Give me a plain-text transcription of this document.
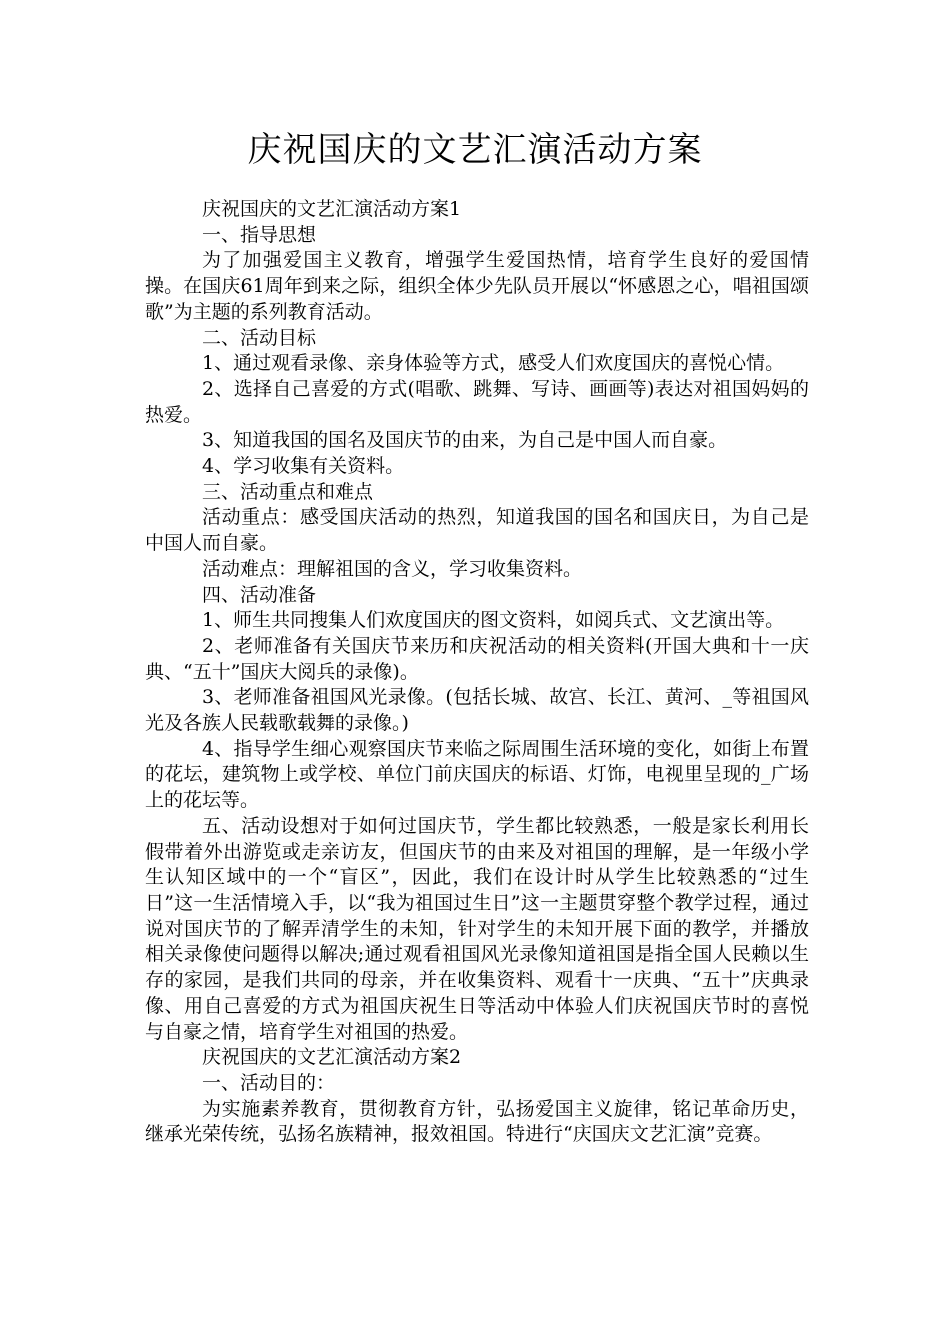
庆祝国庆的文艺汇演活动方案

庆祝国庆的文艺汇演活动方案1

一、指导思想

为了加强爱国主义教育，增强学生爱国热情，培育学生良好的爱国情操。在国庆61周年到来之际，组织全体少先队员开展以“怀感恩之心，唱祖国颂歌”为主题的系列教育活动。

二、活动目标

1、通过观看录像、亲身体验等方式，感受人们欢度国庆的喜悦心情。

2、选择自己喜爱的方式(唱歌、跳舞、写诗、画画等)表达对祖国妈妈的热爱。

3、知道我国的国名及国庆节的由来，为自己是中国人而自豪。

4、学习收集有关资料。

三、活动重点和难点

活动重点：感受国庆活动的热烈，知道我国的国名和国庆日，为自己是中国人而自豪。

活动难点：理解祖国的含义，学习收集资料。

四、活动准备

1、师生共同搜集人们欢度国庆的图文资料，如阅兵式、文艺演出等。

2、老师准备有关国庆节来历和庆祝活动的相关资料(开国大典和十一庆典、“五十”国庆大阅兵的录像)。

3、老师准备祖国风光录像。(包括长城、故宫、长江、黄河、_等祖国风光及各族人民载歌载舞的录像。)

4、指导学生细心观察国庆节来临之际周围生活环境的变化，如街上布置的花坛，建筑物上或学校、单位门前庆国庆的标语、灯饰，电视里呈现的_广场上的花坛等。

五、活动设想对于如何过国庆节，学生都比较熟悉，一般是家长利用长假带着外出游览或走亲访友，但国庆节的由来及对祖国的理解，是一年级小学生认知区域中的一个“盲区”，因此，我们在设计时从学生比较熟悉的“过生日”这一生活情境入手，以“我为祖国过生日”这一主题贯穿整个教学过程，通过说对国庆节的了解弄清学生的未知，针对学生的未知开展下面的教学，并播放相关录像使问题得以解决;通过观看祖国风光录像知道祖国是指全国人民赖以生存的家园，是我们共同的母亲，并在收集资料、观看十一庆典、“五十”庆典录像、用自己喜爱的方式为祖国庆祝生日等活动中体验人们庆祝国庆节时的喜悦与自豪之情，培育学生对祖国的热爱。

庆祝国庆的文艺汇演活动方案2

一、活动目的：

为实施素养教育，贯彻教育方针，弘扬爱国主义旋律，铭记革命历史，继承光荣传统，弘扬名族精神，报效祖国。特进行“庆国庆文艺汇演”竞赛。
